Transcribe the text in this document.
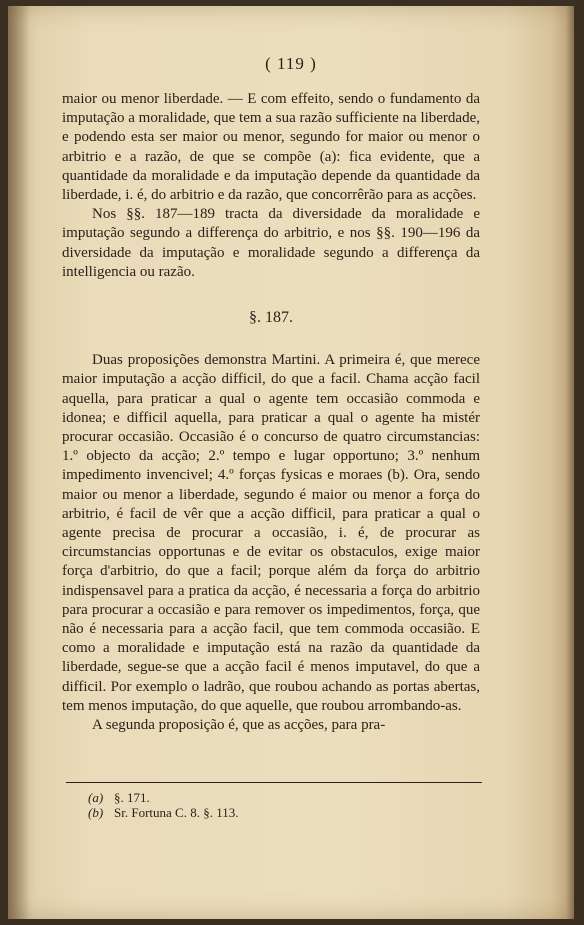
( 119 )

maior ou menor liberdade. — E com effeito, sendo o fundamento da imputação a moralidade, que tem a sua razão sufficiente na liberdade, e podendo esta ser maior ou menor, segundo for maior ou menor o arbitrio e a razão, de que se compõe (a): fica evidente, que a quantidade da moralidade e da imputação depende da quantidade da liberdade, i. é, do arbitrio e da razão, que concorrêrão para as acções.

Nos §§. 187—189 tracta da diversidade da moralidade e imputação segundo a differença do arbitrio, e nos §§. 190—196 da diversidade da imputação e moralidade segundo a differença da intelligencia ou razão.

§. 187.

Duas proposições demonstra Martini. A primeira é, que merece maior imputação a acção difficil, do que a facil. Chama acção facil aquella, para praticar a qual o agente tem occasião commoda e idonea; e difficil aquella, para praticar a qual o agente ha mistér procurar occasião. Occasião é o concurso de quatro circumstancias: 1.º objecto da acção; 2.º tempo e lugar opportuno; 3.º nenhum impedimento invencivel; 4.º forças fysicas e moraes (b). Ora, sendo maior ou menor a liberdade, segundo é maior ou menor a força do arbitrio, é facil de vêr que a acção difficil, para praticar a qual o agente precisa de procurar a occasião, i. é, de procurar as circumstancias opportunas e de evitar os obstaculos, exige maior força d'arbitrio, do que a facil; porque além da força do arbitrio indispensavel para a pratica da acção, é necessaria a força do arbitrio para procurar a occasião e para remover os impedimentos, força, que não é necessaria para a acção facil, que tem commoda occasião. E como a moralidade e imputação está na razão da quantidade da liberdade, segue-se que a acção facil é menos imputavel, do que a difficil. Por exemplo o ladrão, que roubou achando as portas abertas, tem menos imputação, do que aquelle, que roubou arrombando-as.

A segunda proposição é, que as acções, para pra-

(a) §. 171.
(b) Sr. Fortuna C. 8. §. 113.
